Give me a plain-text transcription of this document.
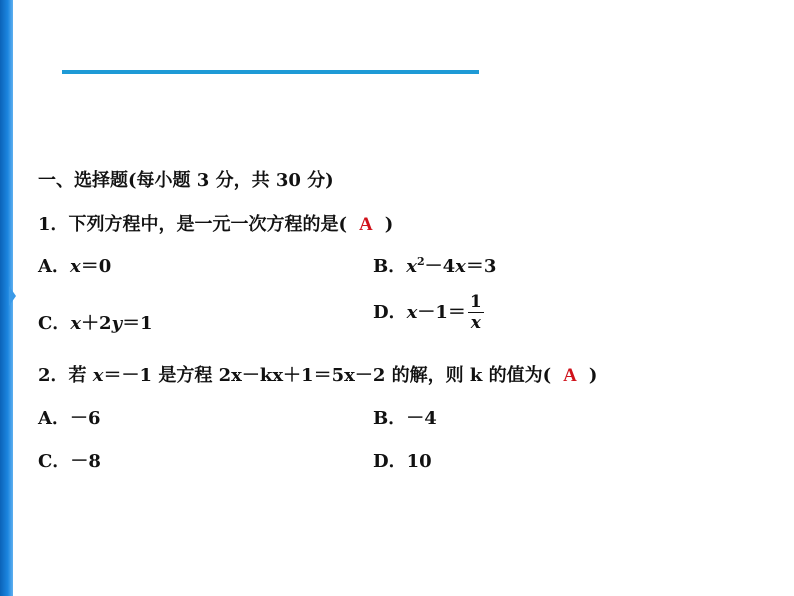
一、选择题(每小题 3 分，共 30 分)
1．下列方程中，是一元一次方程的是( A )
A．x＝0	B．$x^2-4x=3$
C．x＋2y＝1
D．$x-1= \frac{1}{x}$
2．若 x＝－1 是方程 2x－kx＋1＝5x－2 的解，则 k 的值为( A )
A．－6	B．－4
C．－8	D．10
